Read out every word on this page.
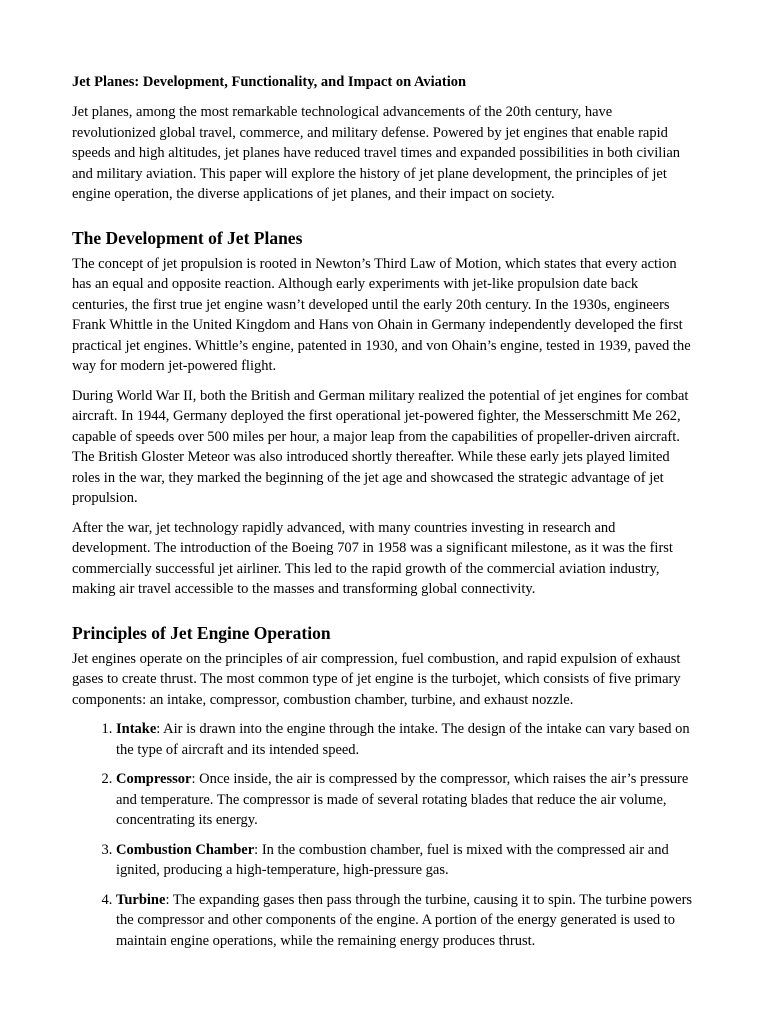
Jet Planes: Development, Functionality, and Impact on Aviation

Jet planes, among the most remarkable technological advancements of the 20th century, have revolutionized global travel, commerce, and military defense. Powered by jet engines that enable rapid speeds and high altitudes, jet planes have reduced travel times and expanded possibilities in both civilian and military aviation. This paper will explore the history of jet plane development, the principles of jet engine operation, the diverse applications of jet planes, and their impact on society.

The Development of Jet Planes

The concept of jet propulsion is rooted in Newton’s Third Law of Motion, which states that every action has an equal and opposite reaction. Although early experiments with jet-like propulsion date back centuries, the first true jet engine wasn’t developed until the early 20th century. In the 1930s, engineers Frank Whittle in the United Kingdom and Hans von Ohain in Germany independently developed the first practical jet engines. Whittle’s engine, patented in 1930, and von Ohain’s engine, tested in 1939, paved the way for modern jet-powered flight.

During World War II, both the British and German military realized the potential of jet engines for combat aircraft. In 1944, Germany deployed the first operational jet-powered fighter, the Messerschmitt Me 262, capable of speeds over 500 miles per hour, a major leap from the capabilities of propeller-driven aircraft. The British Gloster Meteor was also introduced shortly thereafter. While these early jets played limited roles in the war, they marked the beginning of the jet age and showcased the strategic advantage of jet propulsion.

After the war, jet technology rapidly advanced, with many countries investing in research and development. The introduction of the Boeing 707 in 1958 was a significant milestone, as it was the first commercially successful jet airliner. This led to the rapid growth of the commercial aviation industry, making air travel accessible to the masses and transforming global connectivity.

Principles of Jet Engine Operation

Jet engines operate on the principles of air compression, fuel combustion, and rapid expulsion of exhaust gases to create thrust. The most common type of jet engine is the turbojet, which consists of five primary components: an intake, compressor, combustion chamber, turbine, and exhaust nozzle.

1. Intake: Air is drawn into the engine through the intake. The design of the intake can vary based on the type of aircraft and its intended speed.
2. Compressor: Once inside, the air is compressed by the compressor, which raises the air’s pressure and temperature. The compressor is made of several rotating blades that reduce the air volume, concentrating its energy.
3. Combustion Chamber: In the combustion chamber, fuel is mixed with the compressed air and ignited, producing a high-temperature, high-pressure gas.
4. Turbine: The expanding gases then pass through the turbine, causing it to spin. The turbine powers the compressor and other components of the engine. A portion of the energy generated is used to maintain engine operations, while the remaining energy produces thrust.
